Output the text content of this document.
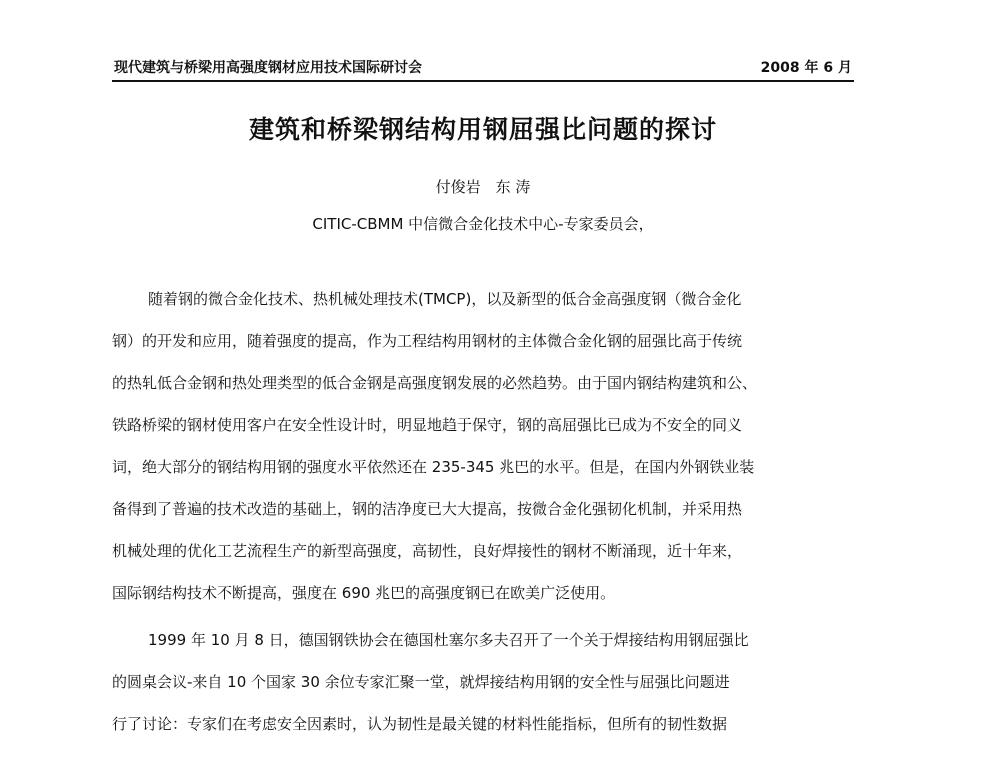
现代建筑与桥梁用高强度钢材应用技术国际研讨会	2008 年 6 月
建筑和桥梁钢结构用钢屈强比问题的探讨
付俊岩　东 涛
CITIC-CBMM 中信微合金化技术中心-专家委员会，
随着钢的微合金化技术、热机械处理技术(TMCP)，以及新型的低合金高强度钢（微合金化
钢）的开发和应用，随着强度的提高，作为工程结构用钢材的主体微合金化钢的屈强比高于传统
的热轧低合金钢和热处理类型的低合金钢是高强度钢发展的必然趋势。由于国内钢结构建筑和公、
铁路桥梁的钢材使用客户在安全性设计时，明显地趋于保守，钢的高屈强比已成为不安全的同义
词，绝大部分的钢结构用钢的强度水平依然还在 235-345 兆巴的水平。但是，在国内外钢铁业装
备得到了普遍的技术改造的基础上，钢的洁净度已大大提高，按微合金化强韧化机制，并采用热
机械处理的优化工艺流程生产的新型高强度，高韧性，良好焊接性的钢材不断涌现，近十年来，
国际钢结构技术不断提高，强度在 690 兆巴的高强度钢已在欧美广泛使用。
1999 年 10 月 8 日，德国钢铁协会在德国杜塞尔多夫召开了一个关于焊接结构用钢屈强比
的圆桌会议-来自 10 个国家 30 余位专家汇聚一堂，就焊接结构用钢的安全性与屈强比问题进
行了讨论：专家们在考虑安全因素时，认为韧性是最关键的材料性能指标，但所有的韧性数据
